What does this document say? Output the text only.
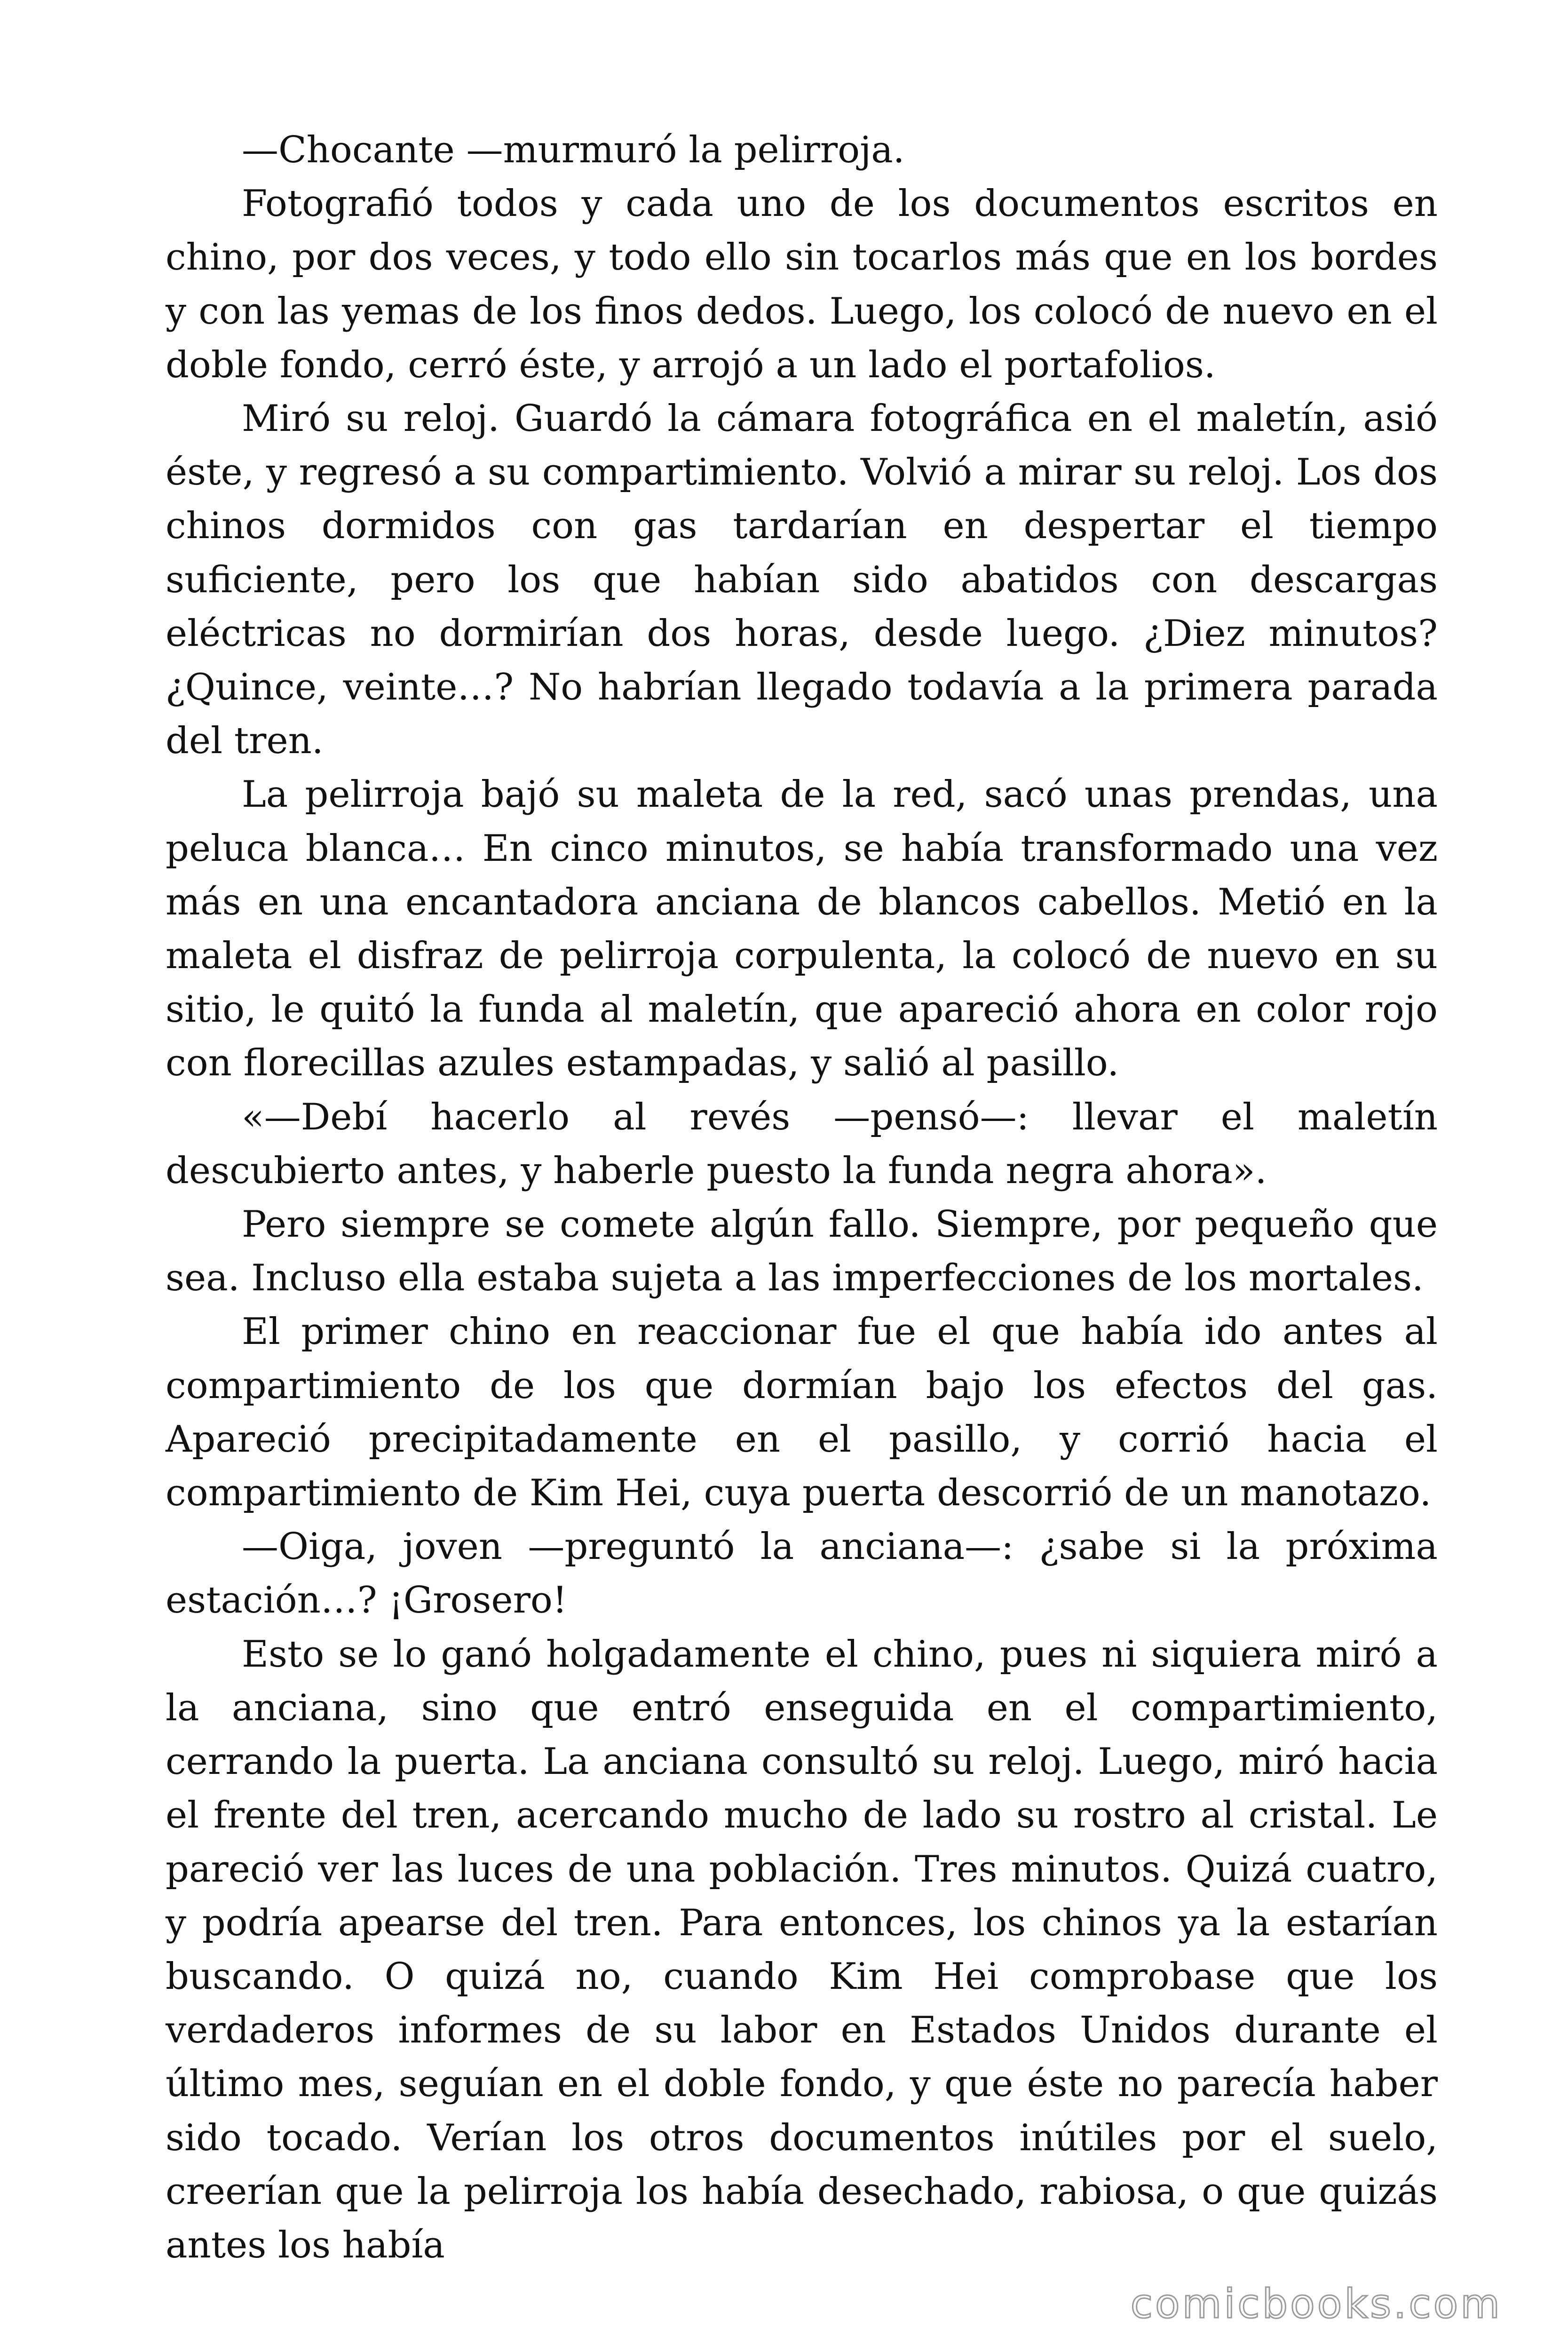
—Chocante —murmuró la pelirroja.

Fotografió todos y cada uno de los documentos escritos en chino, por dos veces, y todo ello sin tocarlos más que en los bordes y con las yemas de los finos dedos. Luego, los colocó de nuevo en el doble fondo, cerró éste, y arrojó a un lado el portafolios.

Miró su reloj. Guardó la cámara fotográfica en el maletín, asió éste, y regresó a su compartimiento. Volvió a mirar su reloj. Los dos chinos dormidos con gas tardarían en despertar el tiempo suficiente, pero los que habían sido abatidos con descargas eléctricas no dormirían dos horas, desde luego. ¿Diez minutos? ¿Quince, veinte…? No habrían llegado todavía a la primera parada del tren.

La pelirroja bajó su maleta de la red, sacó unas prendas, una peluca blanca… En cinco minutos, se había transformado una vez más en una encantadora anciana de blancos cabellos. Metió en la maleta el disfraz de pelirroja corpulenta, la colocó de nuevo en su sitio, le quitó la funda al maletín, que apareció ahora en color rojo con florecillas azules estampadas, y salió al pasillo.

«—Debí hacerlo al revés —pensó—: llevar el maletín descubierto antes, y haberle puesto la funda negra ahora».

Pero siempre se comete algún fallo. Siempre, por pequeño que sea. Incluso ella estaba sujeta a las imperfecciones de los mortales.

El primer chino en reaccionar fue el que había ido antes al compartimiento de los que dormían bajo los efectos del gas. Apareció precipitadamente en el pasillo, y corrió hacia el compartimiento de Kim Hei, cuya puerta descorrió de un manotazo.

—Oiga, joven —preguntó la anciana—: ¿sabe si la próxima estación…? ¡Grosero!

Esto se lo ganó holgadamente el chino, pues ni siquiera miró a la anciana, sino que entró enseguida en el compartimiento, cerrando la puerta. La anciana consultó su reloj. Luego, miró hacia el frente del tren, acercando mucho de lado su rostro al cristal. Le pareció ver las luces de una población. Tres minutos. Quizá cuatro, y podría apearse del tren. Para entonces, los chinos ya la estarían buscando. O quizá no, cuando Kim Hei comprobase que los verdaderos informes de su labor en Estados Unidos durante el último mes, seguían en el doble fondo, y que éste no parecía haber sido tocado. Verían los otros documentos inútiles por el suelo, creerían que la pelirroja los había desechado, rabiosa, o que quizás antes los había

comicbooks.com
